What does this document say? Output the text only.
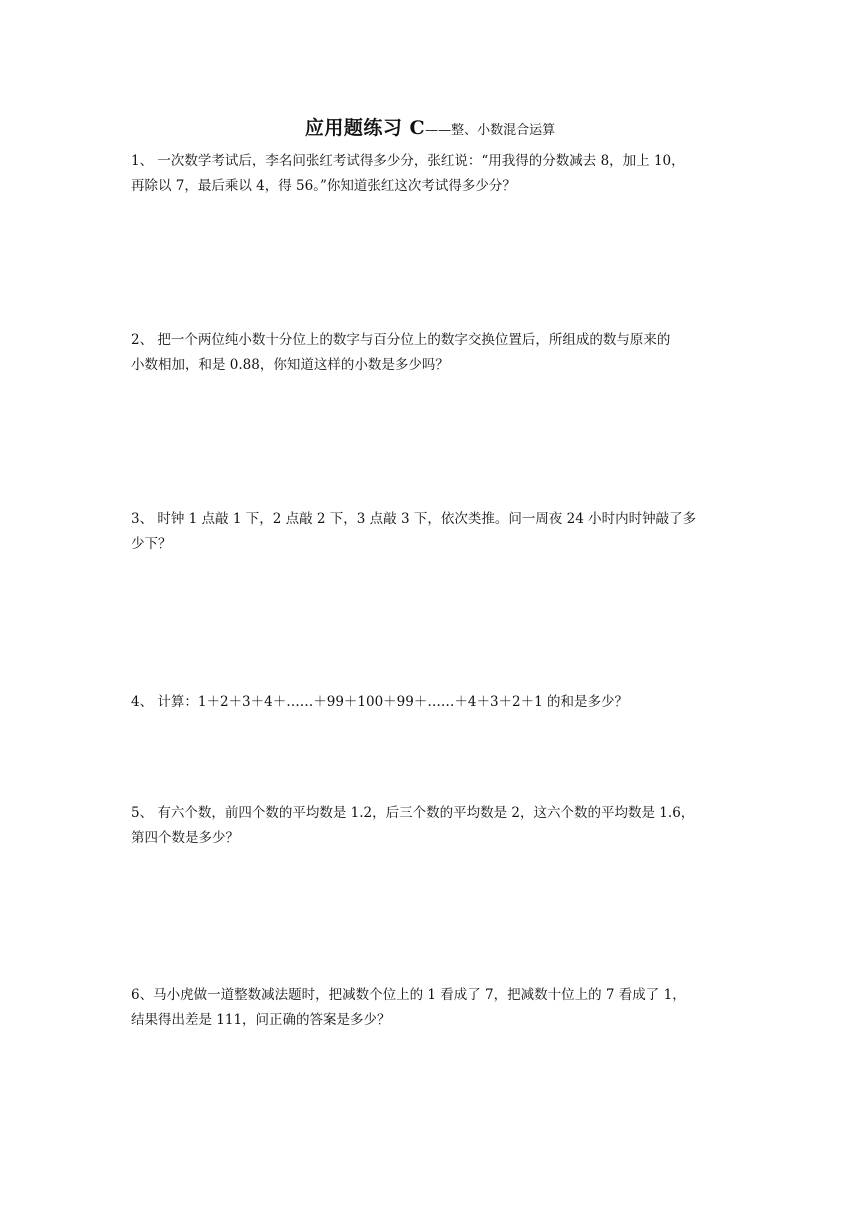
应用题练习 C——整、小数混合运算

1、 一次数学考试后，李名问张红考试得多少分，张红说：“用我得的分数减去 8，加上 10，

再除以 7，最后乘以 4，得 56。”你知道张红这次考试得多少分？

2、 把一个两位纯小数十分位上的数字与百分位上的数字交换位置后，所组成的数与原来的

小数相加，和是 0.88，你知道这样的小数是多少吗？

3、 时钟 1 点敲 1 下，2 点敲 2 下，3 点敲 3 下，依次类推。问一周夜 24 小时内时钟敲了多

少下？

4、 计算：1＋2＋3＋4＋……＋99＋100＋99＋……＋4＋3＋2＋1 的和是多少？

5、 有六个数，前四个数的平均数是 1.2，后三个数的平均数是 2，这六个数的平均数是 1.6，

第四个数是多少？

6、马小虎做一道整数减法题时，把减数个位上的 1 看成了 7，把减数十位上的 7 看成了 1，

结果得出差是 111，问正确的答案是多少？
